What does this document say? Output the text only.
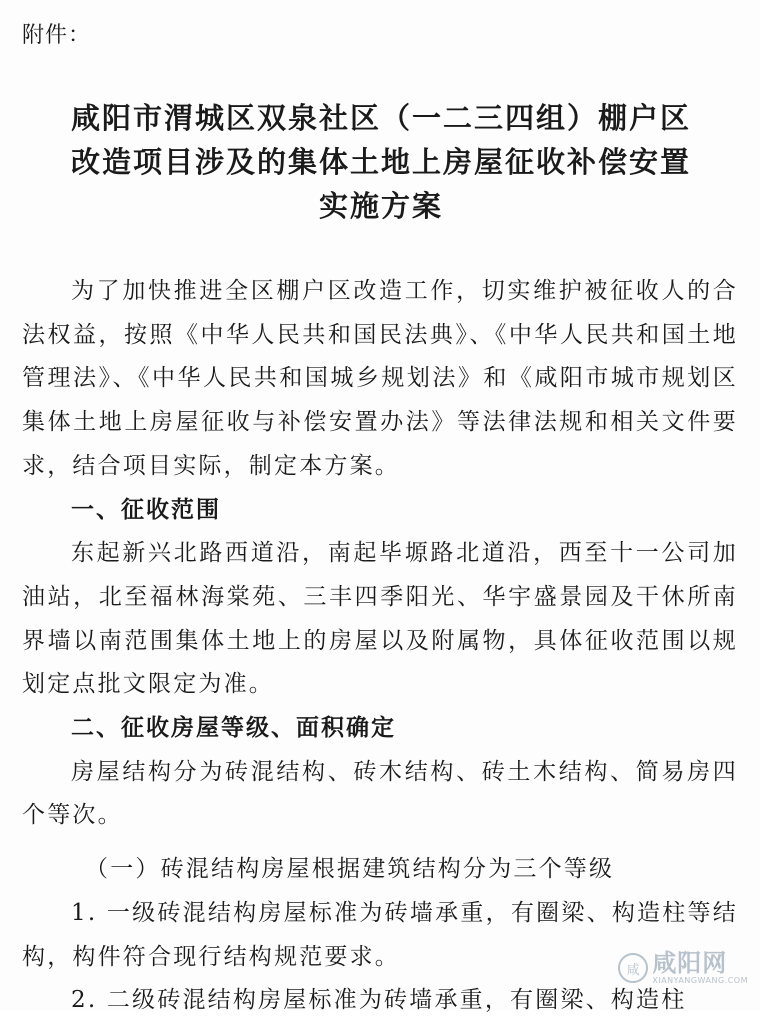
附件：
咸阳市渭城区双泉社区（一二三四组）棚户区
改造项目涉及的集体土地上房屋征收补偿安置
实施方案

为了加快推进全区棚户区改造工作，切实维护被征收人的合法权益，按照《中华人民共和国民法典》、《中华人民共和国土地管理法》、《中华人民共和国城乡规划法》和《咸阳市城市规划区集体土地上房屋征收与补偿安置办法》等法律法规和相关文件要求，结合项目实际，制定本方案。

一、征收范围

东起新兴北路西道沿，南起毕塬路北道沿，西至十一公司加油站，北至福林海棠苑、三丰四季阳光、华宇盛景园及干休所南界墙以南范围集体土地上的房屋以及附属物，具体征收范围以规划定点批文限定为准。

二、征收房屋等级、面积确定

房屋结构分为砖混结构、砖木结构、砖土木结构、简易房四个等次。

（一）砖混结构房屋根据建筑结构分为三个等级

1. 一级砖混结构房屋标准为砖墙承重，有圈梁、构造柱等结构，构件符合现行结构规范要求。

2. 二级砖混结构房屋标准为砖墙承重，有圈梁、构造柱

咸 咸阳网
XIANYANGWANG.COM
